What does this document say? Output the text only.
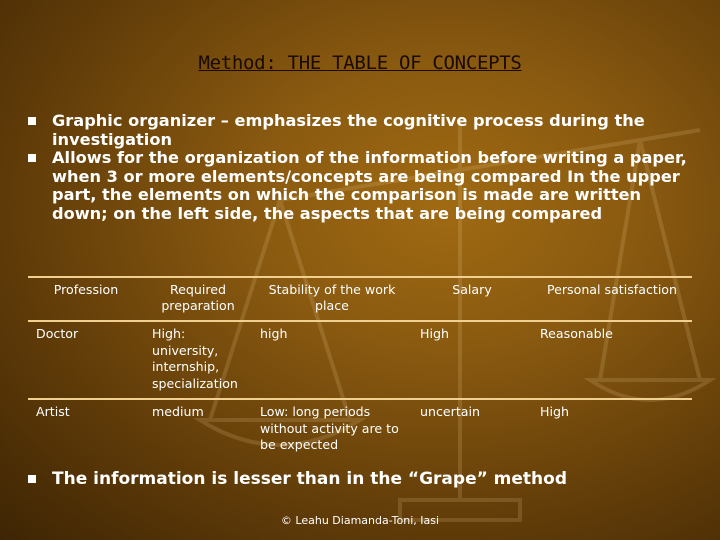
Method: THE TABLE OF CONCEPTS
Graphic organizer – emphasizes the cognitive process during the investigation
Allows for the organization of the information before writing a paper, when 3 or more elements/concepts are being compared In the upper part, the elements on which the comparison is made are written down; on the left side, the aspects that are being compared
Profession	Required preparation	Stability of the work place	Salary	Personal satisfaction
Doctor	High: university, internship, specialization	high	High	Reasonable
Artist	medium	Low: long periods without activity are to be expected	uncertain	High
The information is lesser than in the “Grape” method
© Leahu Diamanda-Toni, Iasi
